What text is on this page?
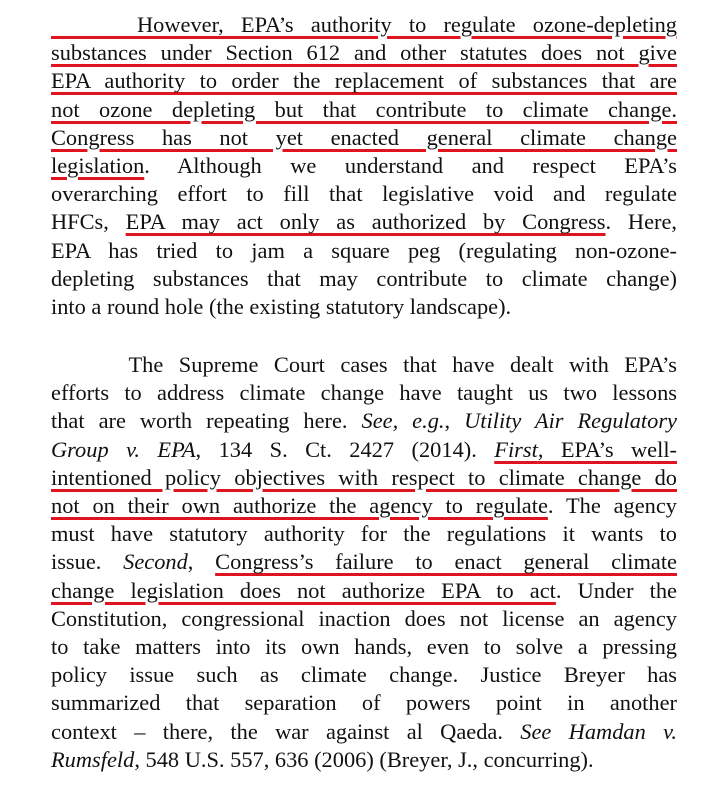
However, EPA’s authority to regulate ozone-depleting
substances under Section 612 and other statutes does not give
EPA authority to order the replacement of substances that are
not ozone depleting but that contribute to climate change.
Congress has not yet enacted general climate change
legislation. Although we understand and respect EPA’s
overarching effort to fill that legislative void and regulate
HFCs, EPA may act only as authorized by Congress. Here,
EPA has tried to jam a square peg (regulating non-ozone-
depleting substances that may contribute to climate change)
into a round hole (the existing statutory landscape).
The Supreme Court cases that have dealt with EPA’s
efforts to address climate change have taught us two lessons
that are worth repeating here. See, e.g., Utility Air Regulatory
Group v. EPA, 134 S. Ct. 2427 (2014). First, EPA’s well-
intentioned policy objectives with respect to climate change do
not on their own authorize the agency to regulate. The agency
must have statutory authority for the regulations it wants to
issue. Second, Congress’s failure to enact general climate
change legislation does not authorize EPA to act. Under the
Constitution, congressional inaction does not license an agency
to take matters into its own hands, even to solve a pressing
policy issue such as climate change. Justice Breyer has
summarized that separation of powers point in another
context – there, the war against al Qaeda. See Hamdan v.
Rumsfeld, 548 U.S. 557, 636 (2006) (Breyer, J., concurring).
